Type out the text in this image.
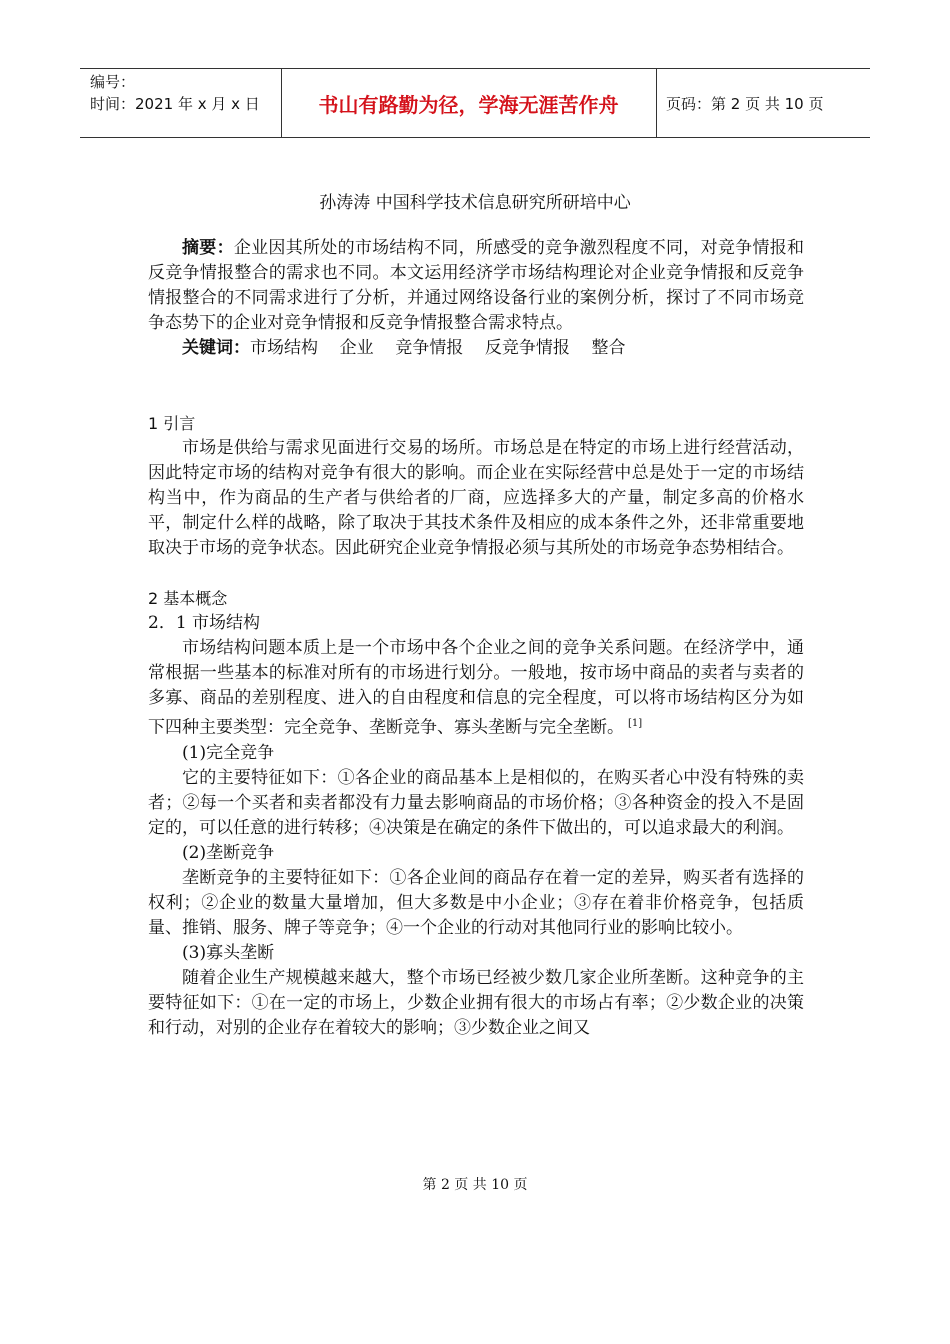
编号：
时间：2021 年 x 月 x 日	书山有路勤为径，学海无涯苦作舟	页码：第 2 页 共 10 页
孙涛涛 中国科学技术信息研究所研培中心

摘要：企业因其所处的市场结构不同，所感受的竞争激烈程度不同，对竞争情报和反竞争情报整合的需求也不同。本文运用经济学市场结构理论对企业竞争情报和反竞争情报整合的不同需求进行了分析，并通过网络设备行业的案例分析，探讨了不同市场竞争态势下的企业对竞争情报和反竞争情报整合需求特点。

关键词：市场结构    企业    竞争情报    反竞争情报    整合

1 引言

市场是供给与需求见面进行交易的场所。市场总是在特定的市场上进行经营活动，因此特定市场的结构对竞争有很大的影响。而企业在实际经营中总是处于一定的市场结构当中，作为商品的生产者与供给者的厂商，应选择多大的产量，制定多高的价格水平，制定什么样的战略，除了取决于其技术条件及相应的成本条件之外，还非常重要地取决于市场的竞争状态。因此研究企业竞争情报必须与其所处的市场竞争态势相结合。

2 基本概念

2．1 市场结构

市场结构问题本质上是一个市场中各个企业之间的竞争关系问题。在经济学中，通常根据一些基本的标准对所有的市场进行划分。一般地，按市场中商品的卖者与卖者的多寡、商品的差别程度、进入的自由程度和信息的完全程度，可以将市场结构区分为如下四种主要类型：完全竞争、垄断竞争、寡头垄断与完全垄断。 [1]

(1)完全竞争

它的主要特征如下：①各企业的商品基本上是相似的，在购买者心中没有特殊的卖者；②每一个买者和卖者都没有力量去影响商品的市场价格；③各种资金的投入不是固定的，可以任意的进行转移；④决策是在确定的条件下做出的，可以追求最大的利润。

(2)垄断竞争

垄断竞争的主要特征如下：①各企业间的商品存在着一定的差异，购买者有选择的权利；②企业的数量大量增加，但大多数是中小企业；③存在着非价格竞争，包括质量、推销、服务、牌子等竞争；④一个企业的行动对其他同行业的影响比较小。

(3)寡头垄断

随着企业生产规模越来越大，整个市场已经被少数几家企业所垄断。这种竞争的主要特征如下：①在一定的市场上，少数企业拥有很大的市场占有率；②少数企业的决策和行动，对别的企业存在着较大的影响；③少数企业之间又

第 2 页 共 10 页
